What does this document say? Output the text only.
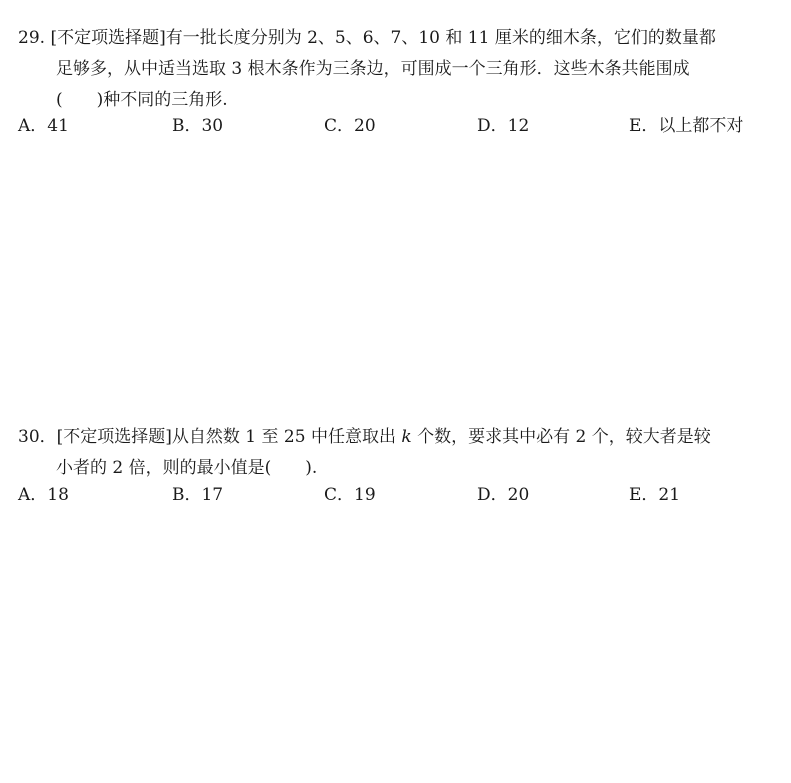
29. [不定项选择题]有一批长度分别为 2、5、6、7、10 和 11 厘米的细木条，它们的数量都
足够多，从中适当选取 3 根木条作为三条边，可围成一个三角形．这些木条共能围成
(　　)种不同的三角形.
A．41	B．30	C．20	D．12	E．以上都不对
30．[不定项选择题]从自然数 1 至 25 中任意取出 k 个数，要求其中必有 2 个，较大者是较
小者的 2 倍，则的最小值是(　　).
A．18	B．17	C．19	D．20	E．21
